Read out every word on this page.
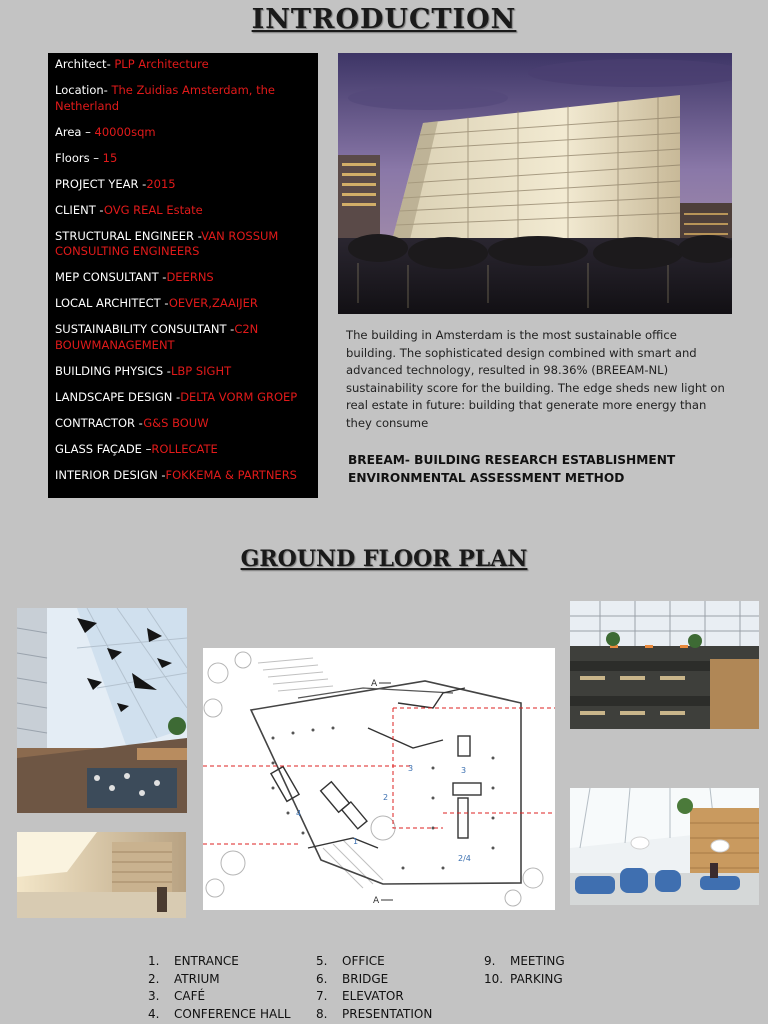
INTRODUCTION
Architect- PLP Architecture
Location- The Zuidias Amsterdam, the Netherland
Area – 40000sqm
Floors – 15
PROJECT YEAR -2015
CLIENT -OVG REAL Estate
STRUCTURAL ENGINEER -VAN ROSSUM CONSULTING ENGINEERS
MEP CONSULTANT -DEERNS
LOCAL ARCHITECT -OEVER,ZAAIJER
SUSTAINABILITY CONSULTANT -C2N BOUWMANAGEMENT
BUILDING PHYSICS -LBP SIGHT
LANDSCAPE DESIGN -DELTA VORM GROEP
CONTRACTOR -G&S BOUW
GLASS FAÇADE –ROLLECATE
INTERIOR DESIGN -FOKKEMA & PARTNERS
The building in Amsterdam is the most sustainable office building. The sophisticated design combined with smart and advanced technology, resulted in 98.36% (BREEAM-NL) sustainability score for the building. The edge sheds new light on real estate in future: building that generate more energy than they consume
BREEAM- BUILDING RESEARCH ESTABLISHMENT ENVIRONMENTAL ASSESSMENT METHOD
GROUND FLOOR PLAN
A
A
1
2
3
4
3
2/4
1. ENTRANCE
2. ATRIUM
3. CAFÉ
4. CONFERENCE HALL
5. OFFICE
6. BRIDGE
7. ELEVATOR
8. PRESENTATION
9. MEETING
10. PARKING
